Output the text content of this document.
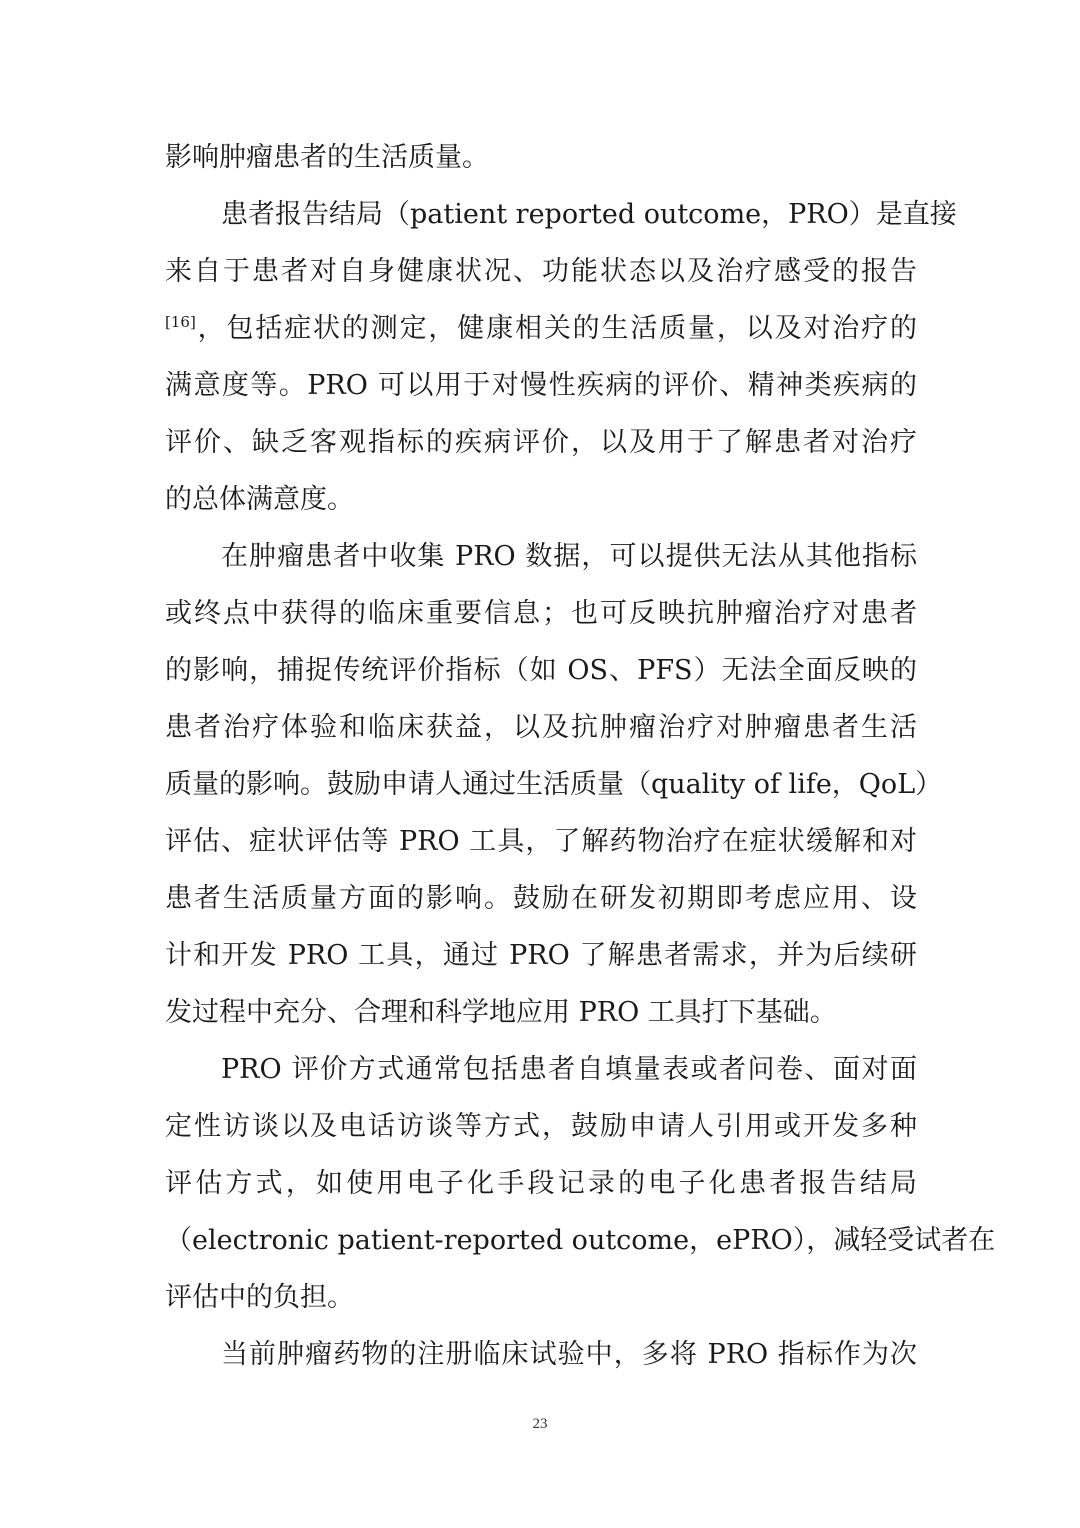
影响肿瘤患者的生活质量。
患者报告结局（patient reported outcome，PRO）是直接
来自于患者对自身健康状况、功能状态以及治疗感受的报告
[16]，包括症状的测定，健康相关的生活质量，以及对治疗的
满意度等。PRO 可以用于对慢性疾病的评价、精神类疾病的
评价、缺乏客观指标的疾病评价，以及用于了解患者对治疗
的总体满意度。
在肿瘤患者中收集 PRO 数据，可以提供无法从其他指标
或终点中获得的临床重要信息；也可反映抗肿瘤治疗对患者
的影响，捕捉传统评价指标（如 OS、PFS）无法全面反映的
患者治疗体验和临床获益，以及抗肿瘤治疗对肿瘤患者生活
质量的影响。鼓励申请人通过生活质量（quality of life，QoL）
评估、症状评估等 PRO 工具，了解药物治疗在症状缓解和对
患者生活质量方面的影响。鼓励在研发初期即考虑应用、设
计和开发 PRO 工具，通过 PRO 了解患者需求，并为后续研
发过程中充分、合理和科学地应用 PRO 工具打下基础。
PRO 评价方式通常包括患者自填量表或者问卷、面对面
定性访谈以及电话访谈等方式，鼓励申请人引用或开发多种
评估方式，如使用电子化手段记录的电子化患者报告结局
（electronic patient-reported outcome，ePRO），减轻受试者在
评估中的负担。
当前肿瘤药物的注册临床试验中，多将 PRO 指标作为次
23
